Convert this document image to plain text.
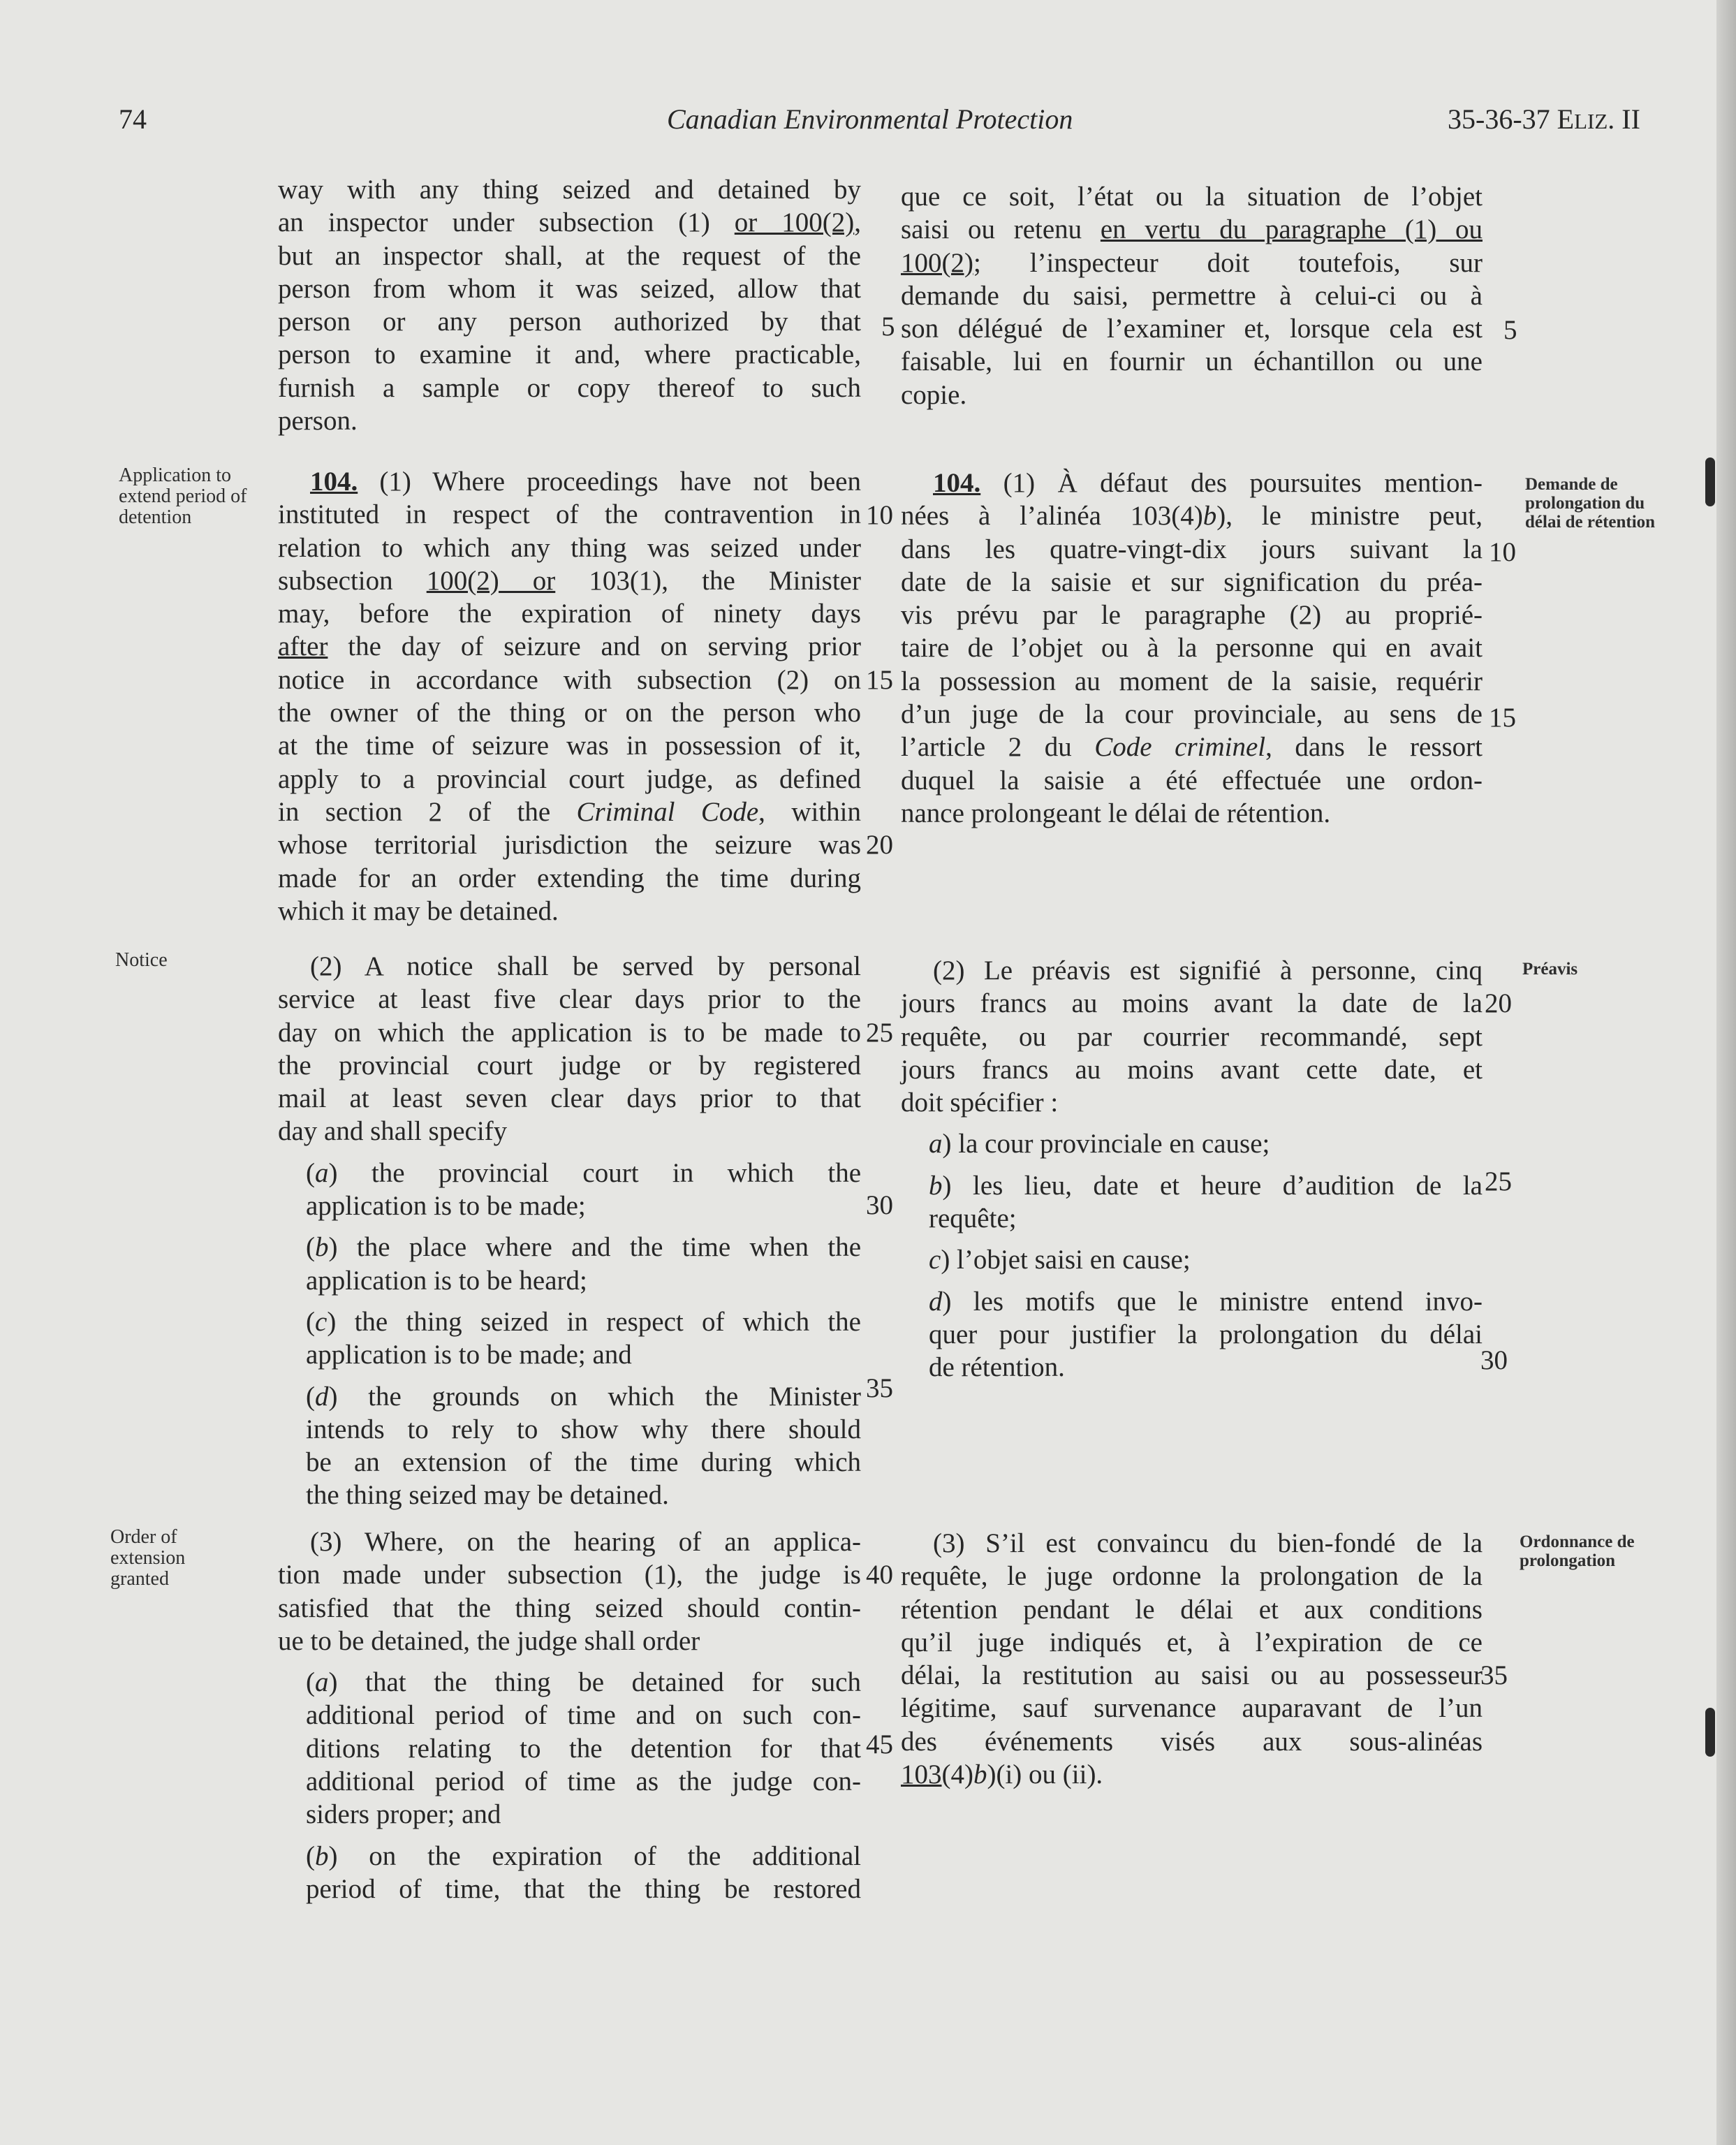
74	Canadian Environmental Protection	35-36-37 ELIZ. II
Application to extend period of detention
Notice
Order of extension granted
Demande de prolongation du délai de rétention
Préavis
Ordonnance de prolongation

way with any thing seized and detained by

an inspector under subsection (1) or 100(2),

but an inspector shall, at the request of the

person from whom it was seized, allow that

person or any person authorized by that

person to examine it and, where practicable,

furnish a sample or copy thereof to such

person.

104. (1) Where proceedings have not been

instituted in respect of the contravention in

relation to which any thing was seized under

subsection 100(2) or 103(1), the Minister

may, before the expiration of ninety days

after the day of seizure and on serving prior

notice in accordance with subsection (2) on

the owner of the thing or on the person who

at the time of seizure was in possession of it,

apply to a provincial court judge, as defined

in section 2 of the Criminal Code, within

whose territorial jurisdiction the seizure was

made for an order extending the time during

which it may be detained.

(2) A notice shall be served by personal

service at least five clear days prior to the

day on which the application is to be made to

the provincial court judge or by registered

mail at least seven clear days prior to that

day and shall specify

(a) the provincial court in which the

application is to be made;

(b) the place where and the time when the

application is to be heard;

(c) the thing seized in respect of which the

application is to be made; and

(d) the grounds on which the Minister

intends to rely to show why there should

be an extension of the time during which

the thing seized may be detained.

(3) Where, on the hearing of an applica-

tion made under subsection (1), the judge is

satisfied that the thing seized should contin-

ue to be detained, the judge shall order

(a) that the thing be detained for such

additional period of time and on such con-

ditions relating to the detention for that

additional period of time as the judge con-

siders proper; and

(b) on the expiration of the additional

period of time, that the thing be restored

que ce soit, l’état ou la situation de l’objet

saisi ou retenu en vertu du paragraphe (1) ou

100(2); l’inspecteur doit toutefois, sur

demande du saisi, permettre à celui-ci ou à

son délégué de l’examiner et, lorsque cela est

faisable, lui en fournir un échantillon ou une

copie.

104. (1) À défaut des poursuites mention-

nées à l’alinéa 103(4)b), le ministre peut,

dans les quatre-vingt-dix jours suivant la

date de la saisie et sur signification du préa-

vis prévu par le paragraphe (2) au proprié-

taire de l’objet ou à la personne qui en avait

la possession au moment de la saisie, requérir

d’un juge de la cour provinciale, au sens de

l’article 2 du Code criminel, dans le ressort

duquel la saisie a été effectuée une ordon-

nance prolongeant le délai de rétention.

(2) Le préavis est signifié à personne, cinq

jours francs au moins avant la date de la

requête, ou par courrier recommandé, sept

jours francs au moins avant cette date, et

doit spécifier :

a) la cour provinciale en cause;

b) les lieu, date et heure d’audition de la

requête;

c) l’objet saisi en cause;

d) les motifs que le ministre entend invo-

quer pour justifier la prolongation du délai

de rétention.

(3) S’il est convaincu du bien-fondé de la

requête, le juge ordonne la prolongation de la

rétention pendant le délai et aux conditions

qu’il juge indiqués et, à l’expiration de ce

délai, la restitution au saisi ou au possesseur

légitime, sauf survenance auparavant de l’un

des événements visés aux sous-alinéas

103(4)b)(i) ou (ii).

5
10
15
20
25
30
35
40
45
5
10
15
20
25
30
35
